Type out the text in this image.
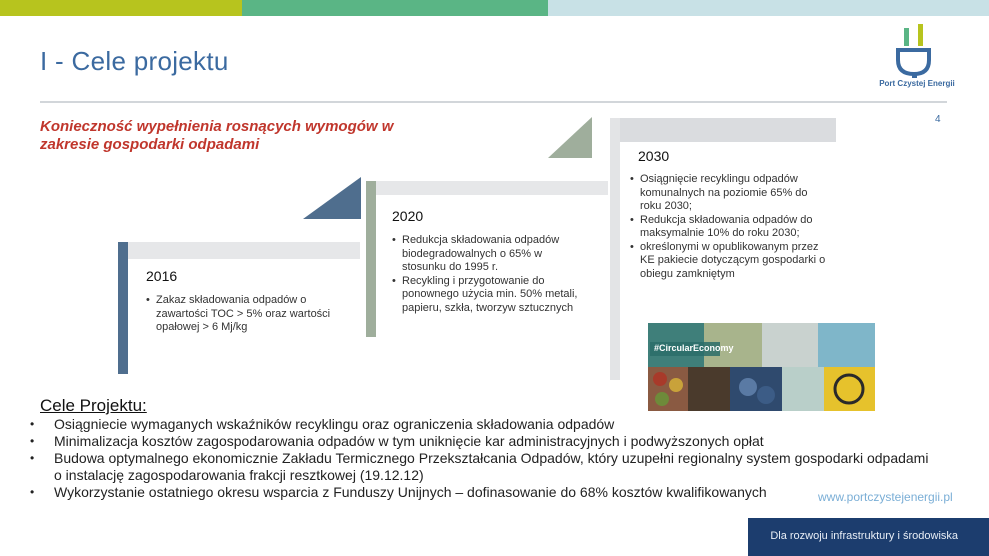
I - Cele projektu
4
Port Czystej Energii
Konieczność wypełnienia rosnących wymogów w zakresie gospodarki odpadami
2016
• Zakaz składowania odpadów o zawartości TOC > 5% oraz wartości opałowej > 6 Mj/kg
2020
• Redukcja składowania odpadów biodegradowalnych o 65% w stosunku do 1995 r.
• Recykling i przygotowanie do ponownego użycia min. 50% metali, papieru, szkła, tworzyw sztucznych
2030
• Osiągnięcie recyklingu odpadów komunalnych na poziomie 65% do roku 2030;
• Redukcja składowania odpadów do maksymalnie 10% do roku 2030;
• określonymi w opublikowanym przez KE pakiecie dotyczącym gospodarki o obiegu zamkniętym
#CircularEconomy
Cele Projektu:
• Osiągniecie wymaganych wskaźników recyklingu oraz ograniczenia składowania odpadów
• Minimalizacja kosztów zagospodarowania odpadów w tym uniknięcie kar administracyjnych i podwyższonych opłat
• Budowa optymalnego ekonomicznie Zakładu Termicznego Przekształcania Odpadów, który uzupełni regionalny system gospodarki odpadami o instalację zagospodarowania frakcji resztkowej (19.12.12)
• Wykorzystanie ostatniego okresu wsparcia z Funduszy Unijnych – dofinasowanie do 68% kosztów kwalifikowanych	www.portczystejenergii.pl
Dla rozwoju infrastruktury i środowiska
